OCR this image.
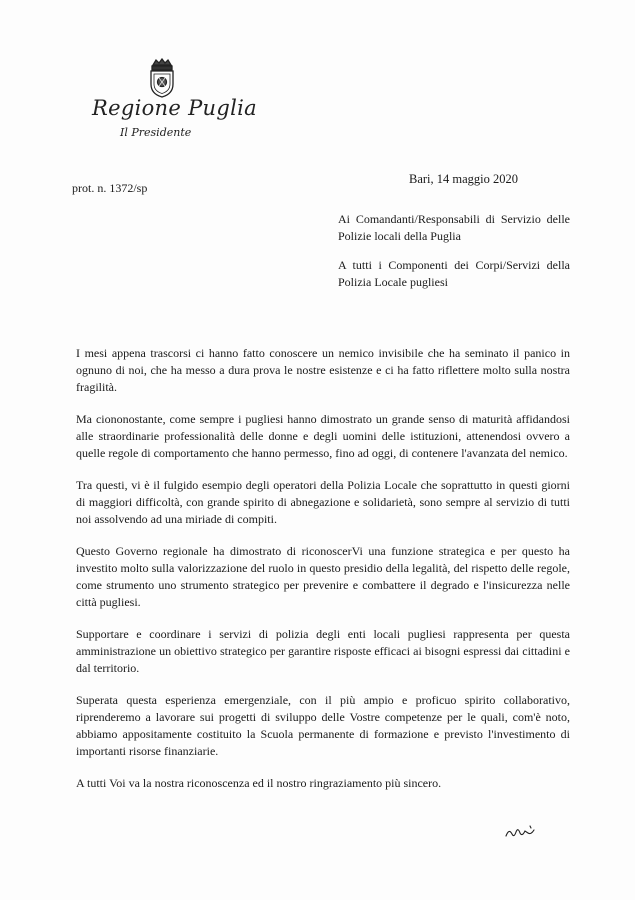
Regione Puglia
Il Presidente
prot. n. 1372/sp
Bari, 14 maggio 2020
Ai Comandanti/Responsabili di Servizio delle Polizie locali della Puglia
A tutti i Componenti dei Corpi/Servizi della Polizia Locale pugliesi

I mesi appena trascorsi ci hanno fatto conoscere un nemico invisibile che ha seminato il panico in ognuno di noi, che ha messo a dura prova le nostre esistenze e ci ha fatto riflettere molto sulla nostra fragilità.

Ma ciononostante, come sempre i pugliesi hanno dimostrato un grande senso di maturità affidandosi alle straordinarie professionalità delle donne e degli uomini delle istituzioni, attenendosi ovvero a quelle regole di comportamento che hanno permesso, fino ad oggi, di contenere l'avanzata del nemico.

Tra questi, vi è il fulgido esempio degli operatori della Polizia Locale che soprattutto in questi giorni di maggiori difficoltà, con grande spirito di abnegazione e solidarietà, sono sempre al servizio di tutti noi assolvendo ad una miriade di compiti.

Questo Governo regionale ha dimostrato di riconoscerVi una funzione strategica e per questo ha investito molto sulla valorizzazione del ruolo in questo presidio della legalità, del rispetto delle regole, come strumento uno strumento strategico per prevenire e combattere il degrado e l'insicurezza nelle città pugliesi.

Supportare e coordinare i servizi di polizia degli enti locali pugliesi rappresenta per questa amministrazione un obiettivo strategico per garantire risposte efficaci ai bisogni espressi dai cittadini e dal territorio.

Superata questa esperienza emergenziale, con il più ampio e proficuo spirito collaborativo, riprenderemo a lavorare sui progetti di sviluppo delle Vostre competenze per le quali, com'è noto, abbiamo appositamente costituito la Scuola permanente di formazione e previsto l'investimento di importanti risorse finanziarie.

A tutti Voi va la nostra riconoscenza ed il nostro ringraziamento più sincero.
